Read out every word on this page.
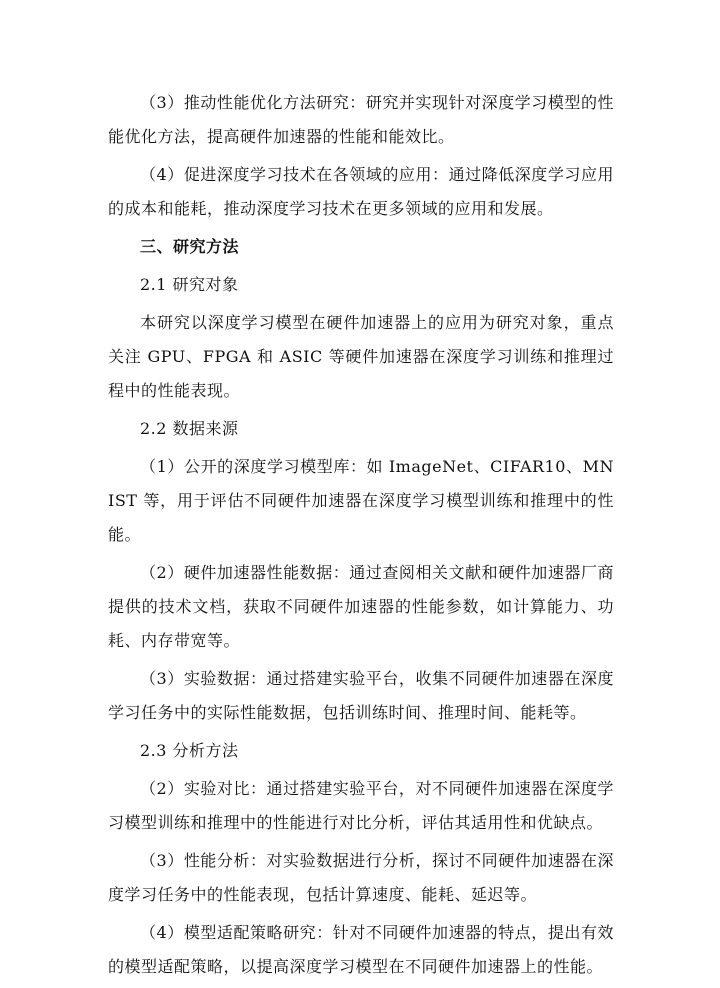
（3）推动性能优化方法研究：研究并实现针对深度学习模型的性能优化方法，提高硬件加速器的性能和能效比。

（4）促进深度学习技术在各领域的应用：通过降低深度学习应用的成本和能耗，推动深度学习技术在更多领域的应用和发展。

三、研究方法

2.1 研究对象

本研究以深度学习模型在硬件加速器上的应用为研究对象，重点关注 GPU、FPGA 和 ASIC 等硬件加速器在深度学习训练和推理过程中的性能表现。

2.2 数据来源

（1）公开的深度学习模型库：如 ImageNet、CIFAR10、MNIST 等，用于评估不同硬件加速器在深度学习模型训练和推理中的性能。

（2）硬件加速器性能数据：通过查阅相关文献和硬件加速器厂商提供的技术文档，获取不同硬件加速器的性能参数，如计算能力、功耗、内存带宽等。

（3）实验数据：通过搭建实验平台，收集不同硬件加速器在深度学习任务中的实际性能数据，包括训练时间、推理时间、能耗等。

2.3 分析方法

（2）实验对比：通过搭建实验平台，对不同硬件加速器在深度学习模型训练和推理中的性能进行对比分析，评估其适用性和优缺点。

（3）性能分析：对实验数据进行分析，探讨不同硬件加速器在深度学习任务中的性能表现，包括计算速度、能耗、延迟等。

（4）模型适配策略研究：针对不同硬件加速器的特点，提出有效的模型适配策略，以提高深度学习模型在不同硬件加速器上的性能。
